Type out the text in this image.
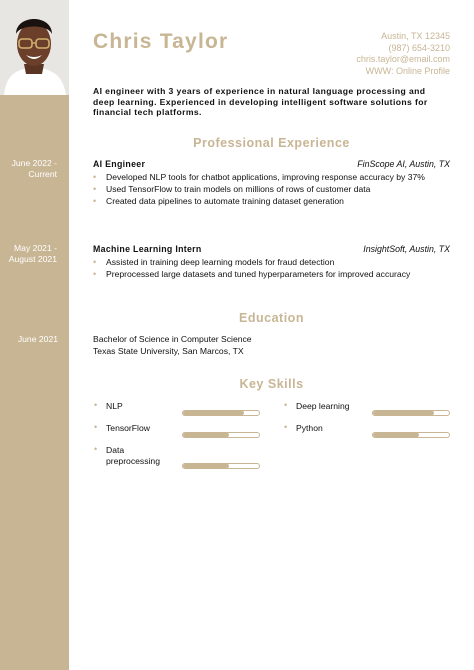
Chris Taylor	Austin, TX 12345
(987) 654-3210
chris.taylor@email.com
WWW: Online Profile
AI engineer with 3 years of experience in natural language processing and deep learning. Experienced in developing intelligent software solutions for financial tech platforms.
Professional Experience
June 2022 - Current
AI Engineer	FinScope AI, Austin, TX
• Developed NLP tools for chatbot applications, improving response accuracy by 37%
• Used TensorFlow to train models on millions of rows of customer data
• Created data pipelines to automate training dataset generation
May 2021 - August 2021
Machine Learning Intern	InsightSoft, Austin, TX
• Assisted in training deep learning models for fraud detection
• Preprocessed large datasets and tuned hyperparameters for improved accuracy
Education
June 2021	Bachelor of Science in Computer Science
Texas State University, San Marcos, TX
Key Skills
• NLP	• Deep learning
• TensorFlow	• Python
• Data preprocessing
